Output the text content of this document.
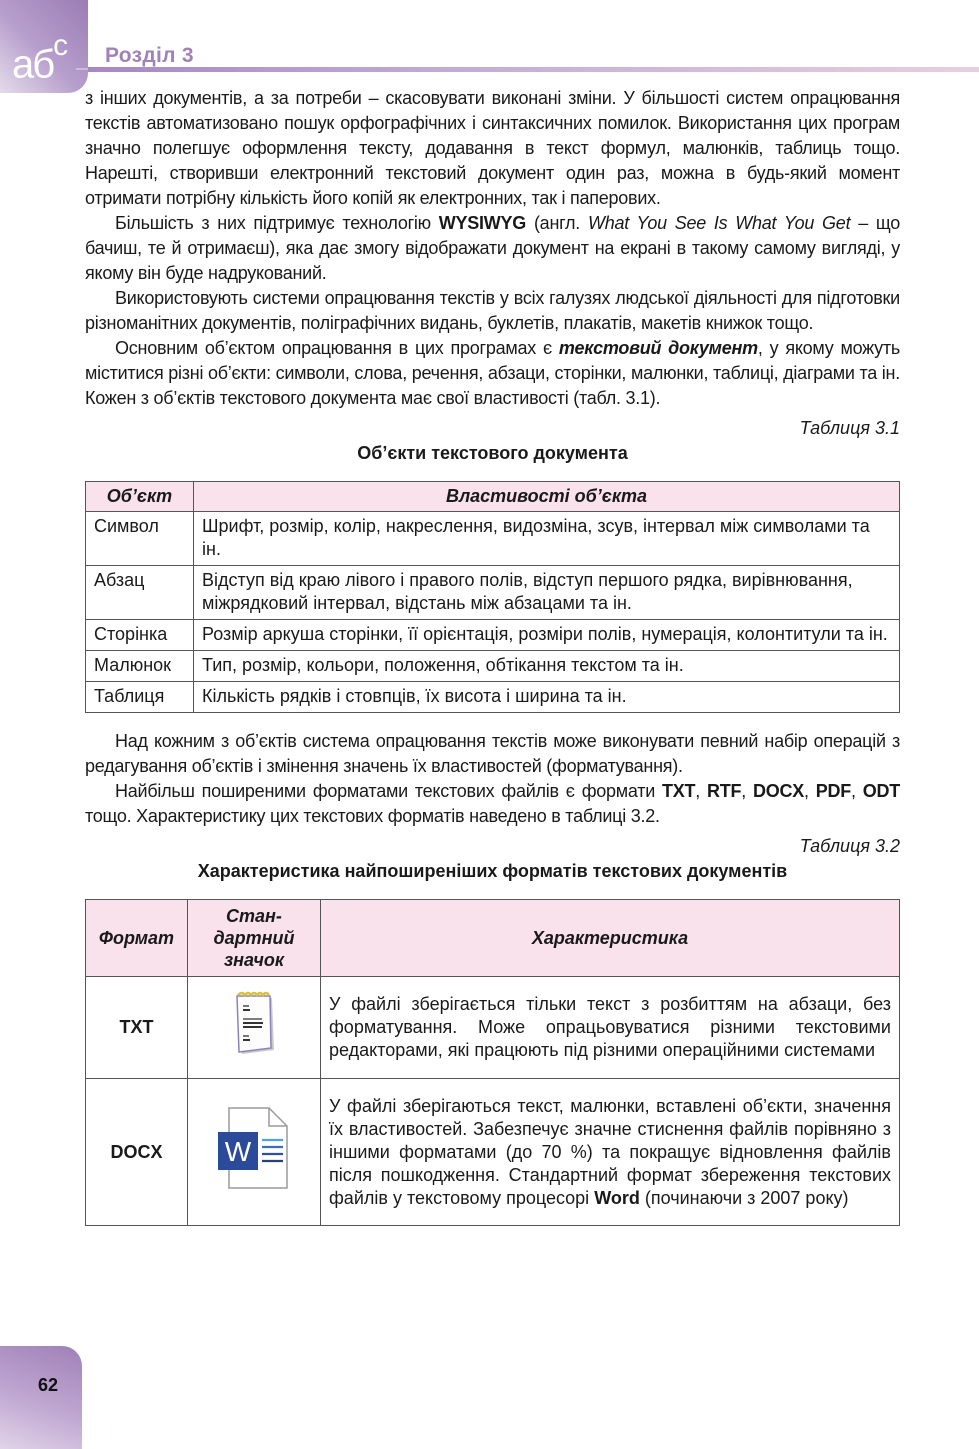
$аб^с$ Розділ 3

з інших документів, а за потреби – скасовувати виконані зміни. У більшості систем опрацювання текстів автоматизовано пошук орфографічних і синтаксичних помилок. Використання цих програм значно полегшує оформлення тексту, додавання в текст формул, малюнків, таблиць тощо. Нарешті, створивши електронний текстовий документ один раз, можна в будь-який момент отримати потрібну кількість його копій як електронних, так і паперових.

Більшість з них підтримує технологію WYSIWYG (англ. What You See Is What You Get – що бачиш, те й отримаєш), яка дає змогу відображати документ на екрані в такому самому вигляді, у якому він буде надрукований.

Використовують системи опрацювання текстів у всіх галузях людської діяльності для підготовки різноманітних документів, поліграфічних видань, буклетів, плакатів, макетів книжок тощо.

Основним об’єктом опрацювання в цих програмах є текстовий документ, у якому можуть міститися різні об’єкти: символи, слова, речення, абзаци, сторінки, малюнки, таблиці, діаграми та ін. Кожен з об’єктів текстового документа має свої властивості (табл. 3.1).

Таблиця 3.1
Об’єкти текстового документа
Об’єкт	Властивості об’єкта
Символ	Шрифт, розмір, колір, накреслення, видозміна, зсув, інтервал між символами та ін.
Абзац	Відступ від краю лівого і правого полів, відступ першого рядка, вирівнювання, міжрядковий інтервал, відстань між абзацами та ін.
Сторінка	Розмір аркуша сторінки, її орієнтація, розміри полів, нумерація, колонтитули та ін.
Малюнок	Тип, розмір, кольори, положення, обтікання текстом та ін.
Таблиця	Кількість рядків і стовпців, їх висота і ширина та ін.

Над кожним з об’єктів система опрацювання текстів може виконувати певний набір операцій з редагування об’єктів і змінення значень їх властивостей (форматування).

Найбільш поширеними форматами текстових файлів є формати TXT, RTF, DOCX, PDF, ODT тощо. Характеристику цих текстових форматів наведено в таблиці 3.2.

Таблиця 3.2
Характеристика найпоширеніших форматів текстових документів
Формат	Стан-
дартний
значок	Характеристика
TXT		У файлі зберігається тільки текст з розбиттям на абзаци, без форматування. Може опрацьовуватися різними текстовими редакторами, які працюють під різними операційними системами
DOCX	W	У файлі зберігаються текст, малюнки, вставлені об’єкти, значення їх властивостей. Забезпечує значне стиснення файлів порівняно з іншими форматами (до 70 %) та покращує відновлення файлів після пошкодження. Стандартний формат збереження текстових файлів у текстовому процесорі Word (починаючи з 2007 року)
62
